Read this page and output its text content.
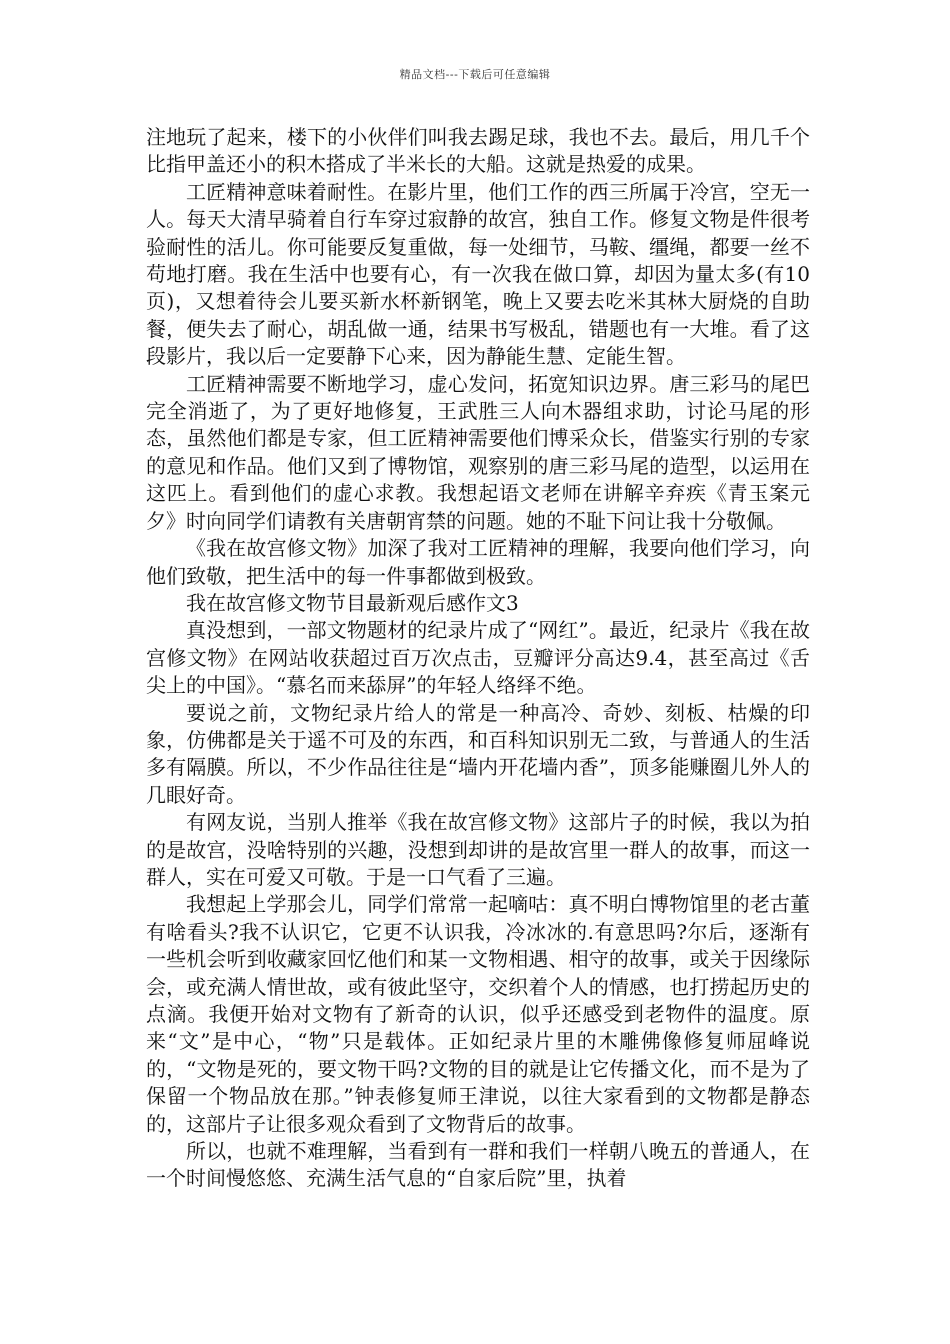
精品文档---下载后可任意编辑

注地玩了起来，楼下的小伙伴们叫我去踢足球，我也不去。最后，用几千个比指甲盖还小的积木搭成了半米长的大船。这就是热爱的成果。

工匠精神意味着耐性。在影片里，他们工作的西三所属于冷宫，空无一人。每天大清早骑着自行车穿过寂静的故宫，独自工作。修复文物是件很考验耐性的活儿。你可能要反复重做，每一处细节，马鞍、缰绳，都要一丝不苟地打磨。我在生活中也要有心，有一次我在做口算，却因为量太多(有10页)，又想着待会儿要买新水杯新钢笔，晚上又要去吃米其林大厨烧的自助餐，便失去了耐心，胡乱做一通，结果书写极乱，错题也有一大堆。看了这段影片，我以后一定要静下心来，因为静能生慧、定能生智。

工匠精神需要不断地学习，虚心发问，拓宽知识边界。唐三彩马的尾巴完全消逝了，为了更好地修复，王武胜三人向木器组求助，讨论马尾的形态，虽然他们都是专家，但工匠精神需要他们博采众长，借鉴实行别的专家的意见和作品。他们又到了博物馆，观察别的唐三彩马尾的造型，以运用在这匹上。看到他们的虚心求教。我想起语文老师在讲解辛弃疾《青玉案元夕》时向同学们请教有关唐朝宵禁的问题。她的不耻下问让我十分敬佩。

《我在故宫修文物》加深了我对工匠精神的理解，我要向他们学习，向他们致敬，把生活中的每一件事都做到极致。

我在故宫修文物节目最新观后感作文3

真没想到，一部文物题材的纪录片成了“网红”。最近，纪录片《我在故宫修文物》在网站收获超过百万次点击，豆瓣评分高达9.4，甚至高过《舌尖上的中国》。“慕名而来舔屏”的年轻人络绎不绝。

要说之前，文物纪录片给人的常是一种高冷、奇妙、刻板、枯燥的印象，仿佛都是关于遥不可及的东西，和百科知识别无二致，与普通人的生活多有隔膜。所以，不少作品往往是“墙内开花墙内香”，顶多能赚圈儿外人的几眼好奇。

有网友说，当别人推举《我在故宫修文物》这部片子的时候，我以为拍的是故宫，没啥特别的兴趣，没想到却讲的是故宫里一群人的故事，而这一群人，实在可爱又可敬。于是一口气看了三遍。

我想起上学那会儿，同学们常常一起嘀咕：真不明白博物馆里的老古董有啥看头?我不认识它，它更不认识我，冷冰冰的.有意思吗?尔后，逐渐有一些机会听到收藏家回忆他们和某一文物相遇、相守的故事，或关于因缘际会，或充满人情世故，或有彼此坚守，交织着个人的情感，也打捞起历史的点滴。我便开始对文物有了新奇的认识，似乎还感受到老物件的温度。原来“文”是中心，“物”只是载体。正如纪录片里的木雕佛像修复师屈峰说的，“文物是死的，要文物干吗?文物的目的就是让它传播文化，而不是为了保留一个物品放在那。”钟表修复师王津说，以往大家看到的文物都是静态的，这部片子让很多观众看到了文物背后的故事。

所以，也就不难理解，当看到有一群和我们一样朝八晚五的普通人，在一个时间慢悠悠、充满生活气息的“自家后院”里，执着
